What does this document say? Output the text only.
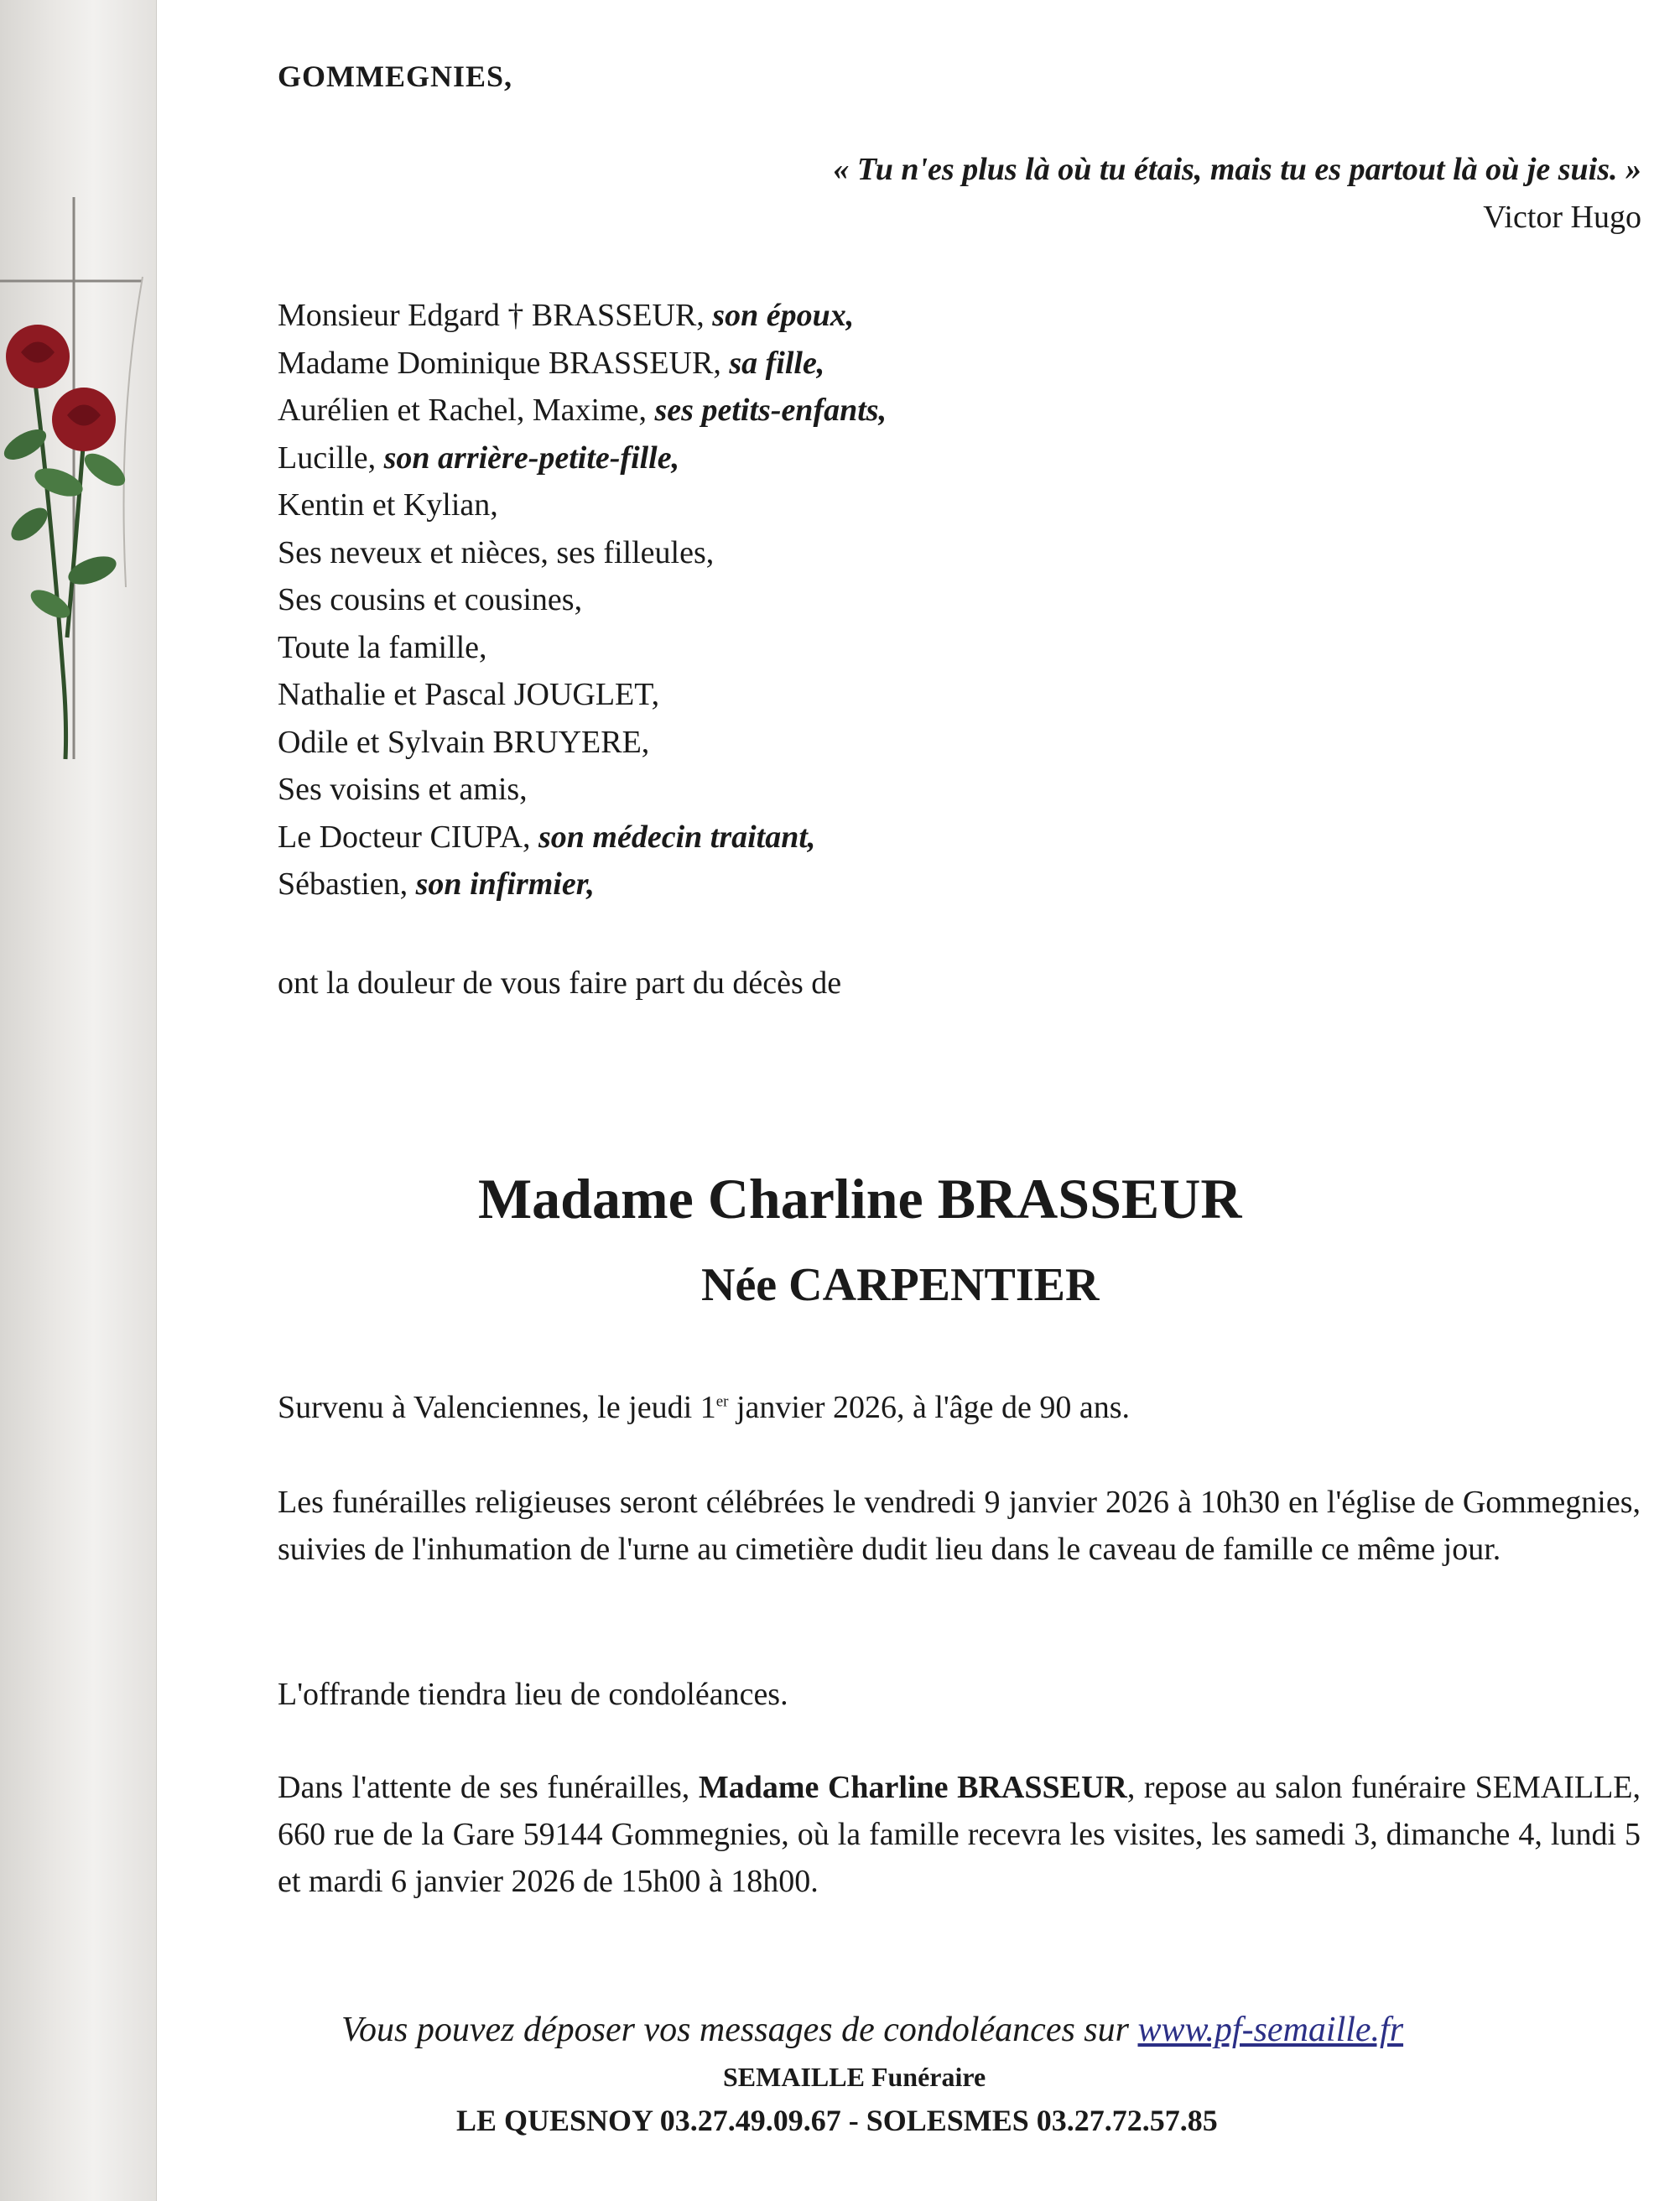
GOMMEGNIES,
« Tu n'es plus là où tu étais, mais tu es partout là où je suis. »
Victor Hugo
Monsieur Edgard † BRASSEUR, son époux,
Madame Dominique BRASSEUR, sa fille,
Aurélien et Rachel, Maxime, ses petits-enfants,
Lucille, son arrière-petite-fille,
Kentin et Kylian,
Ses neveux et nièces, ses filleules,
Ses cousins et cousines,
Toute la famille,
Nathalie et Pascal JOUGLET,
Odile et Sylvain BRUYERE,
Ses voisins et amis,
Le Docteur CIUPA, son médecin traitant,
Sébastien, son infirmier,
ont la douleur de vous faire part du décès de
Madame Charline BRASSEUR
Née CARPENTIER
Survenu à Valenciennes, le jeudi 1er janvier 2026, à l'âge de 90 ans.
Les funérailles religieuses seront célébrées le vendredi 9 janvier 2026 à 10h30 en l'église de Gommegnies, suivies de l'inhumation de l'urne au cimetière dudit lieu dans le caveau de famille ce même jour.
L'offrande tiendra lieu de condoléances.
Dans l'attente de ses funérailles, Madame Charline BRASSEUR, repose au salon funéraire SEMAILLE, 660 rue de la Gare 59144 Gommegnies, où la famille recevra les visites, les samedi 3, dimanche 4, lundi 5 et mardi 6 janvier 2026 de 15h00 à 18h00.
Vous pouvez déposer vos messages de condoléances sur www.pf-semaille.fr
SEMAILLE Funéraire
LE QUESNOY 03.27.49.09.67 - SOLESMES 03.27.72.57.85
